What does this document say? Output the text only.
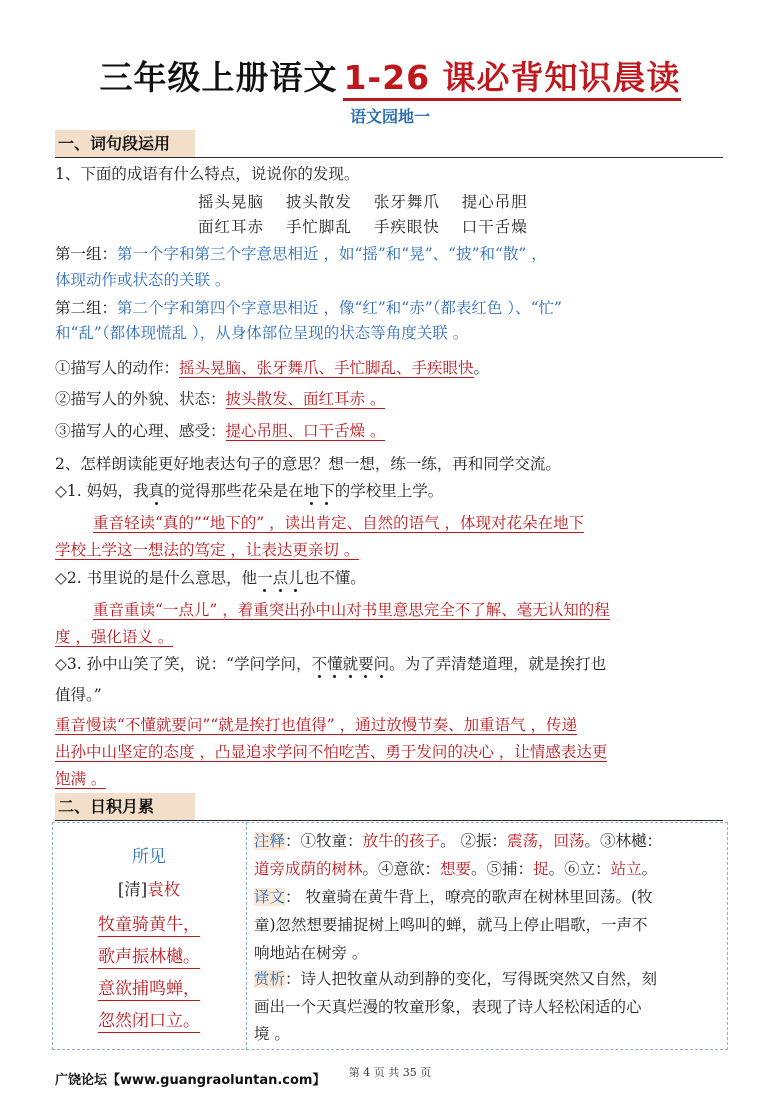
三年级上册语文 1-26 课必背知识晨读
语文园地一
一、词句段运用
1、下面的成语有什么特点，说说你的发现。
摇头晃脑 披头散发 张牙舞爪 提心吊胆
面红耳赤 手忙脚乱 手疾眼快 口干舌燥
第一组：第一个字和第三个字意思相近 ，如“摇”和“晃”、“披”和“散” ，
体现动作或状态的关联 。
第二组：第二个字和第四个字意思相近 ，像“红”和“赤”（都表红色 ）、“忙”
和“乱”（都体现慌乱 ），从身体部位呈现的状态等角度关联 。
①描写人的动作：摇头晃脑、张牙舞爪、手忙脚乱、手疾眼快。
②描写人的外貌、状态：披头散发、面红耳赤 。
③描写人的心理、感受：提心吊胆、口干舌燥 。
2、怎样朗读能更好地表达句子的意思？想一想，练一练，再和同学交流。
◇1. 妈妈，我真的觉得那些花朵是在地下的学校里上学。
重音轻读“真的”“地下的” ，读出肯定、自然的语气 ，体现对花朵在地下
学校上学这一想法的笃定 ，让表达更亲切 。
◇2. 书里说的是什么意思，他一点儿也不懂。
重音重读“一点儿” ，着重突出孙中山对书里意思完全不了解、毫无认知的程
度 ，强化语义 。
◇3. 孙中山笑了笑，说：“学问学问，不懂就要问。为了弄清楚道理，就是挨打也
值得。”
重音慢读“不懂就要问”“就是挨打也值得” ，通过放慢节奏、加重语气 ，传递
出孙中山坚定的态度 ，凸显追求学问不怕吃苦、勇于发问的决心 ，让情感表达更
饱满 。
二、日积月累
所见
[清]袁枚
牧童骑黄牛，
歌声振林樾。
意欲捕鸣蝉，
忽然闭口立。
注释：①牧童：放牛的孩子。 ②振：震荡，回荡。③林樾：
道旁成荫的树林。④意欲：想要。⑤捕：捉。⑥立：站立。
译文： 牧童骑在黄牛背上，嘹亮的歌声在树林里回荡。(牧
童)忽然想要捕捉树上鸣叫的蝉，就马上停止唱歌，一声不
响地站在树旁 。
赏析：诗人把牧童从动到静的变化，写得既突然又自然，刻
画出一个天真烂漫的牧童形象，表现了诗人轻松闲适的心
境 。
广饶论坛【www.guangraoluntan.com】
第 4 页 共 35 页
